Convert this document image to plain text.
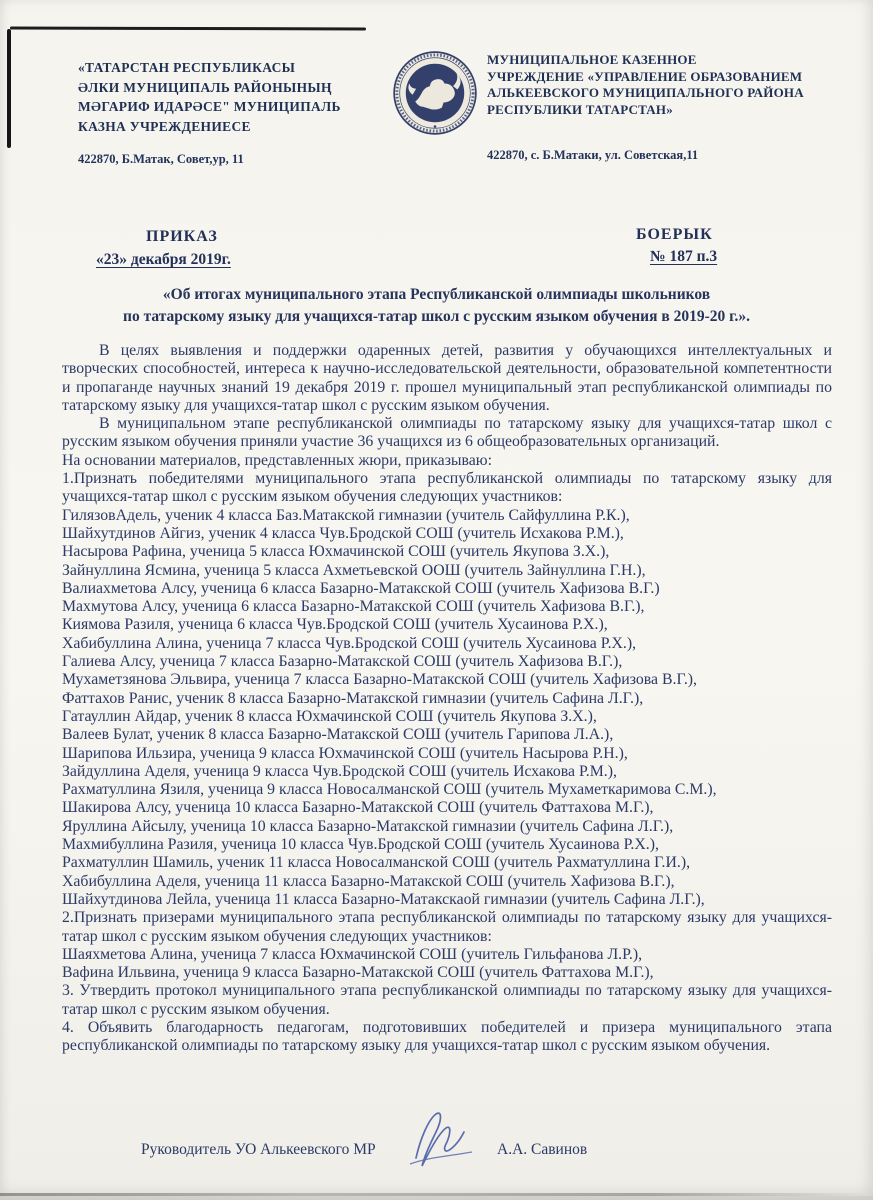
«ТАТАРСТАН РЕСПУБЛИКАСЫ
ӘЛКИ МУНИЦИПАЛЬ РАЙОНЫНЫҢ
МӘГАРИФ ИДАРӘСЕ" МУНИЦИПАЛЬ
КАЗНА УЧРЕЖДЕНИЕСЕ
МУНИЦИПАЛЬНОЕ КАЗЕННОЕ
УЧРЕЖДЕНИЕ «УПРАВЛЕНИЕ ОБРАЗОВАНИЕМ
АЛЬКЕЕВСКОГО МУНИЦИПАЛЬНОГО РАЙОНА
РЕСПУБЛИКИ ТАТАРСТАН»
422870, Б.Матак, Совет,ур, 11	422870, с. Б.Матаки, ул. Советская,11
ПРИКАЗ	БОЕРЫК
«23» декабря 2019г.	№ 187 п.3
«Об итогах муниципального этапа Республиканской олимпиады школьников
по татарскому языку для учащихся-татар школ с русским языком обучения в 2019-20 г.».

В целях выявления и поддержки одаренных детей, развития у обучающихся интеллектуальных и творческих способностей, интереса к научно-исследовательской деятельности, образовательной компетентности и пропаганде научных знаний 19 декабря 2019 г. прошел муниципальный этап республиканской олимпиады по татарскому языку для учащихся-татар школ с русским языком обучения.

В муниципальном этапе республиканской олимпиады по татарскому языку для учащихся-татар школ с русским языком обучения приняли участие 36 учащихся из 6 общеобразовательных организаций.

На основании материалов, представленных жюри, приказываю:

1.Признать победителями муниципального этапа республиканской олимпиады по татарскому языку для учащихся-татар школ с русским языком обучения следующих участников:

ГилязовАдель, ученик 4 класса Баз.Матакской гимназии (учитель Сайфуллина Р.К.),
Шайхутдинов Айгиз, ученик 4 класса Чув.Бродской СОШ (учитель Исхакова Р.М.),
Насырова Рафина, ученица 5 класса Юхмачинской СОШ (учитель Якупова З.Х.),
Зайнуллина Ясмина, ученица 5 класса Ахметьевской ООШ (учитель Зайнуллина Г.Н.),
Валиахметова Алсу, ученица 6 класса Базарно-Матакской СОШ (учитель Хафизова В.Г.)
Махмутова Алсу, ученица 6 класса Базарно-Матакской СОШ (учитель Хафизова В.Г.),
Киямова Разиля, ученица 6 класса Чув.Бродской СОШ (учитель Хусаинова Р.Х.),
Хабибуллина Алина, ученица 7 класса Чув.Бродской СОШ (учитель Хусаинова Р.Х.),
Галиева Алсу, ученица 7 класса Базарно-Матакской СОШ (учитель Хафизова В.Г.),
Мухаметзянова Эльвира, ученица 7 класса Базарно-Матакской СОШ (учитель Хафизова В.Г.),
Фаттахов Ранис, ученик 8 класса Базарно-Матакской гимназии (учитель Сафина Л.Г.),
Гатауллин Айдар, ученик 8 класса Юхмачинской СОШ (учитель Якупова З.Х.),
Валеев Булат, ученик 8 класса Базарно-Матакской СОШ (учитель Гарипова Л.А.),
Шарипова Ильзира, ученица 9 класса Юхмачинской СОШ (учитель Насырова Р.Н.),
Зайдуллина Аделя, ученица 9 класса Чув.Бродской СОШ (учитель Исхакова Р.М.),
Рахматуллина Язиля, ученица 9 класса Новосалманской СОШ (учитель Мухаметкаримова С.М.),
Шакирова Алсу, ученица 10 класса Базарно-Матакской СОШ (учитель Фаттахова М.Г.),
Яруллина Айсылу, ученица 10 класса Базарно-Матакской гимназии (учитель Сафина Л.Г.),
Махмибуллина Разиля, ученица 10 класса Чув.Бродской СОШ (учитель Хусаинова Р.Х.),
Рахматуллин Шамиль, ученик 11 класса Новосалманской СОШ (учитель Рахматуллина Г.И.),
Хабибуллина Аделя, ученица 11 класса Базарно-Матакской СОШ (учитель Хафизова В.Г.),
Шайхутдинова Лейла, ученица 11 класса Базарно-Матакскаой гимназии (учитель Сафина Л.Г.),

2.Признать призерами муниципального этапа республиканской олимпиады по татарскому языку для учащихся-татар школ с русским языком обучения следующих участников:

Шаяхметова Алина, ученица 7 класса Юхмачинской СОШ (учитель Гильфанова Л.Р.),
Вафина Ильвина, ученица 9 класса Базарно-Матакской СОШ (учитель Фаттахова М.Г.),

3. Утвердить протокол муниципального этапа республиканской олимпиады по татарскому языку для учащихся-татар школ с русским языком обучения.

4. Объявить благодарность педагогам, подготовивших победителей и призера муниципального этапа республиканской олимпиады по татарскому языку для учащихся-татар школ с русским языком обучения.

Руководитель УО Алькеевского МР	А.А. Савинов
